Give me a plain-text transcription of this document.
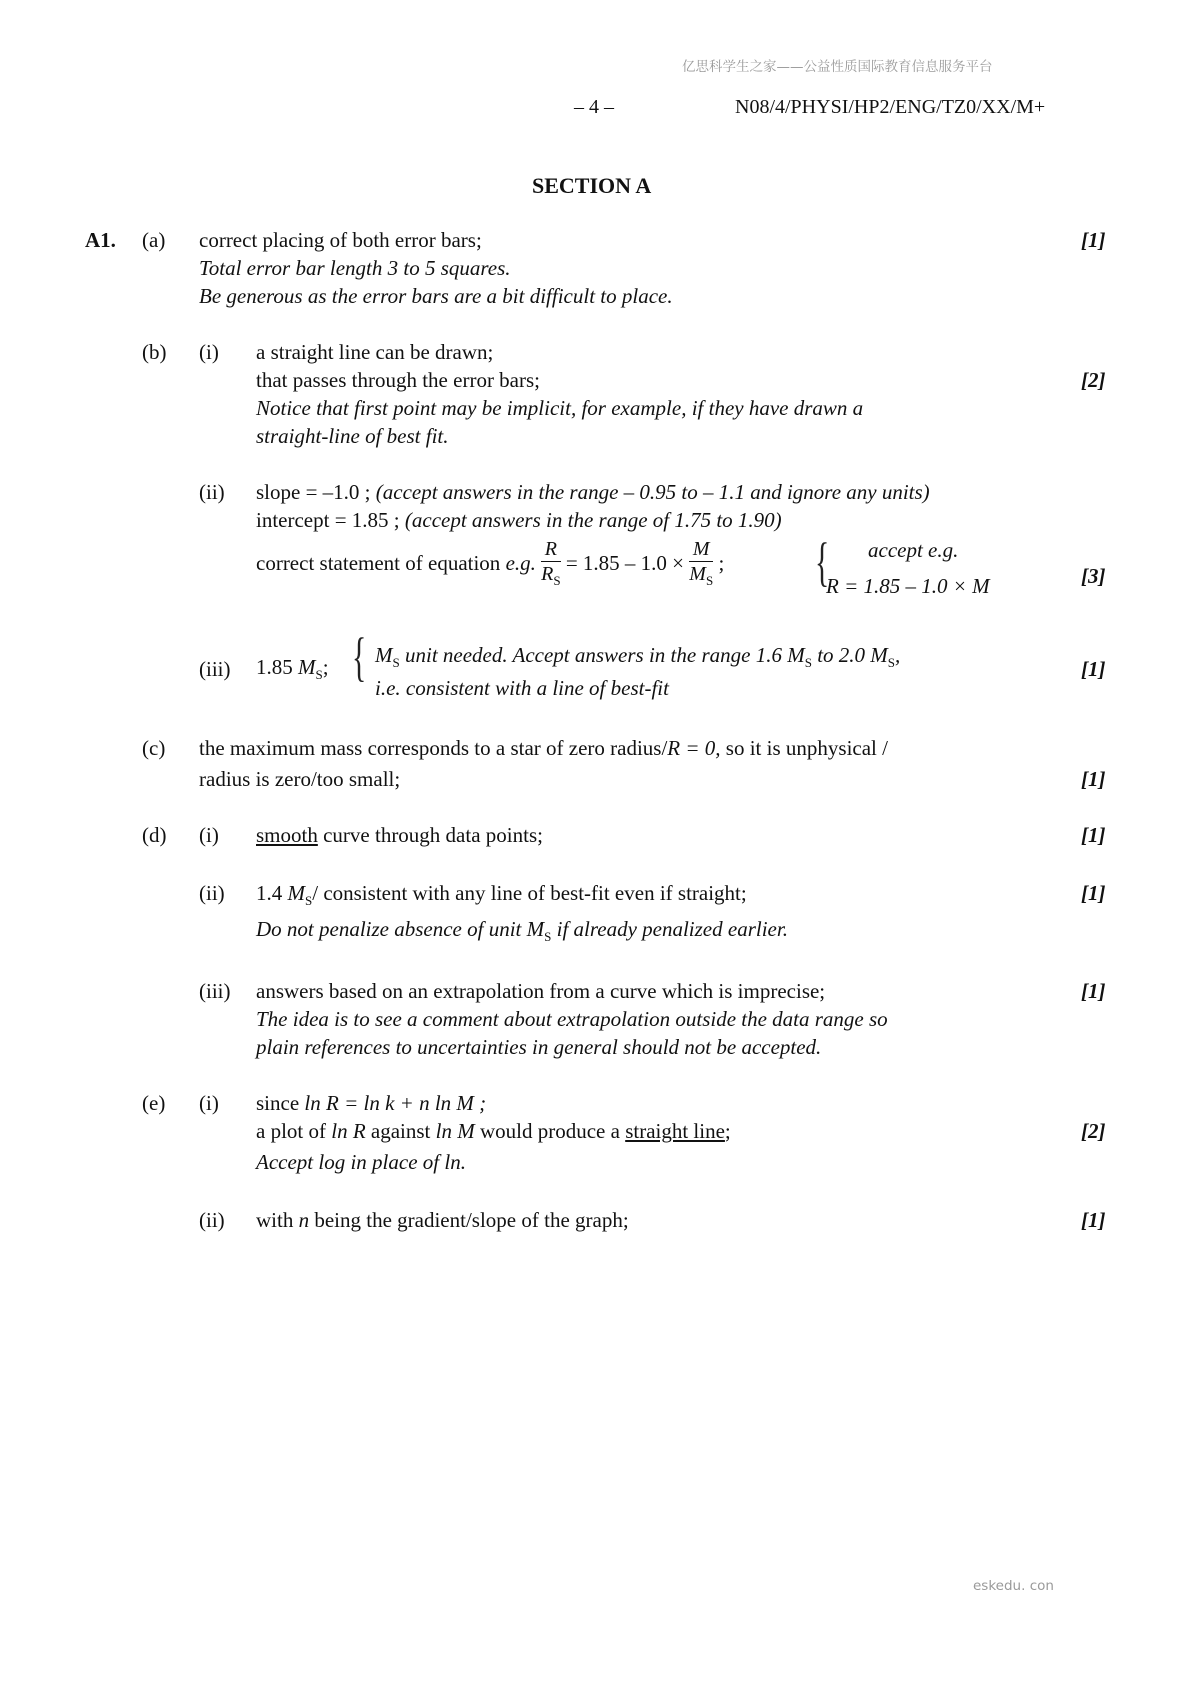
亿思科学生之家——公益性质国际教育信息服务平台
– 4 –	N08/4/PHYSI/HP2/ENG/TZ0/XX/M+
SECTION A
A1. (a) correct placing of both error bars;
Total error bar length 3 to 5 squares.
Be generous as the error bars are a bit difficult to place.
[1]
(b) (i) a straight line can be drawn;
that passes through the error bars;
Notice that first point may be implicit, for example, if they have drawn a
straight-line of best fit.
[2]
(ii) slope = –1.0 ; (accept answers in the range – 0.95 to – 1.1 and ignore any units)
intercept = 1.85 ; (accept answers in the range of 1.75 to 1.90)
correct statement of equation e.g. $\frac{R}{R_S} = 1.85 - 1.0 \times \frac{M}{M_S}$ ; { accept e.g.
R = 1.85 – 1.0 × M	[3]
(iii) 1.85 $M_S$; { $M_S$ unit needed. Accept answers in the range 1.6 $M_S$ to 2.0 $M_S$,
i.e. consistent with a line of best-fit
[1]
(c) the maximum mass corresponds to a star of zero radius/R = 0, so it is unphysical /
radius is zero/too small;	[1]
(d) (i) smooth curve through data points;	[1]
(ii) 1.4 $M_S/$ consistent with any line of best-fit even if straight;
Do not penalize absence of unit $M_S$ if already penalized earlier.
[1]
(iii) answers based on an extrapolation from a curve which is imprecise;
The idea is to see a comment about extrapolation outside the data range so
plain references to uncertainties in general should not be accepted.
[1]
(e) (i) since ln R = ln k + n ln M ;
a plot of ln R against ln M would produce a straight line;
Accept log in place of ln.
[2]
(ii) with n being the gradient/slope of the graph;	[1]
eskedu. con
